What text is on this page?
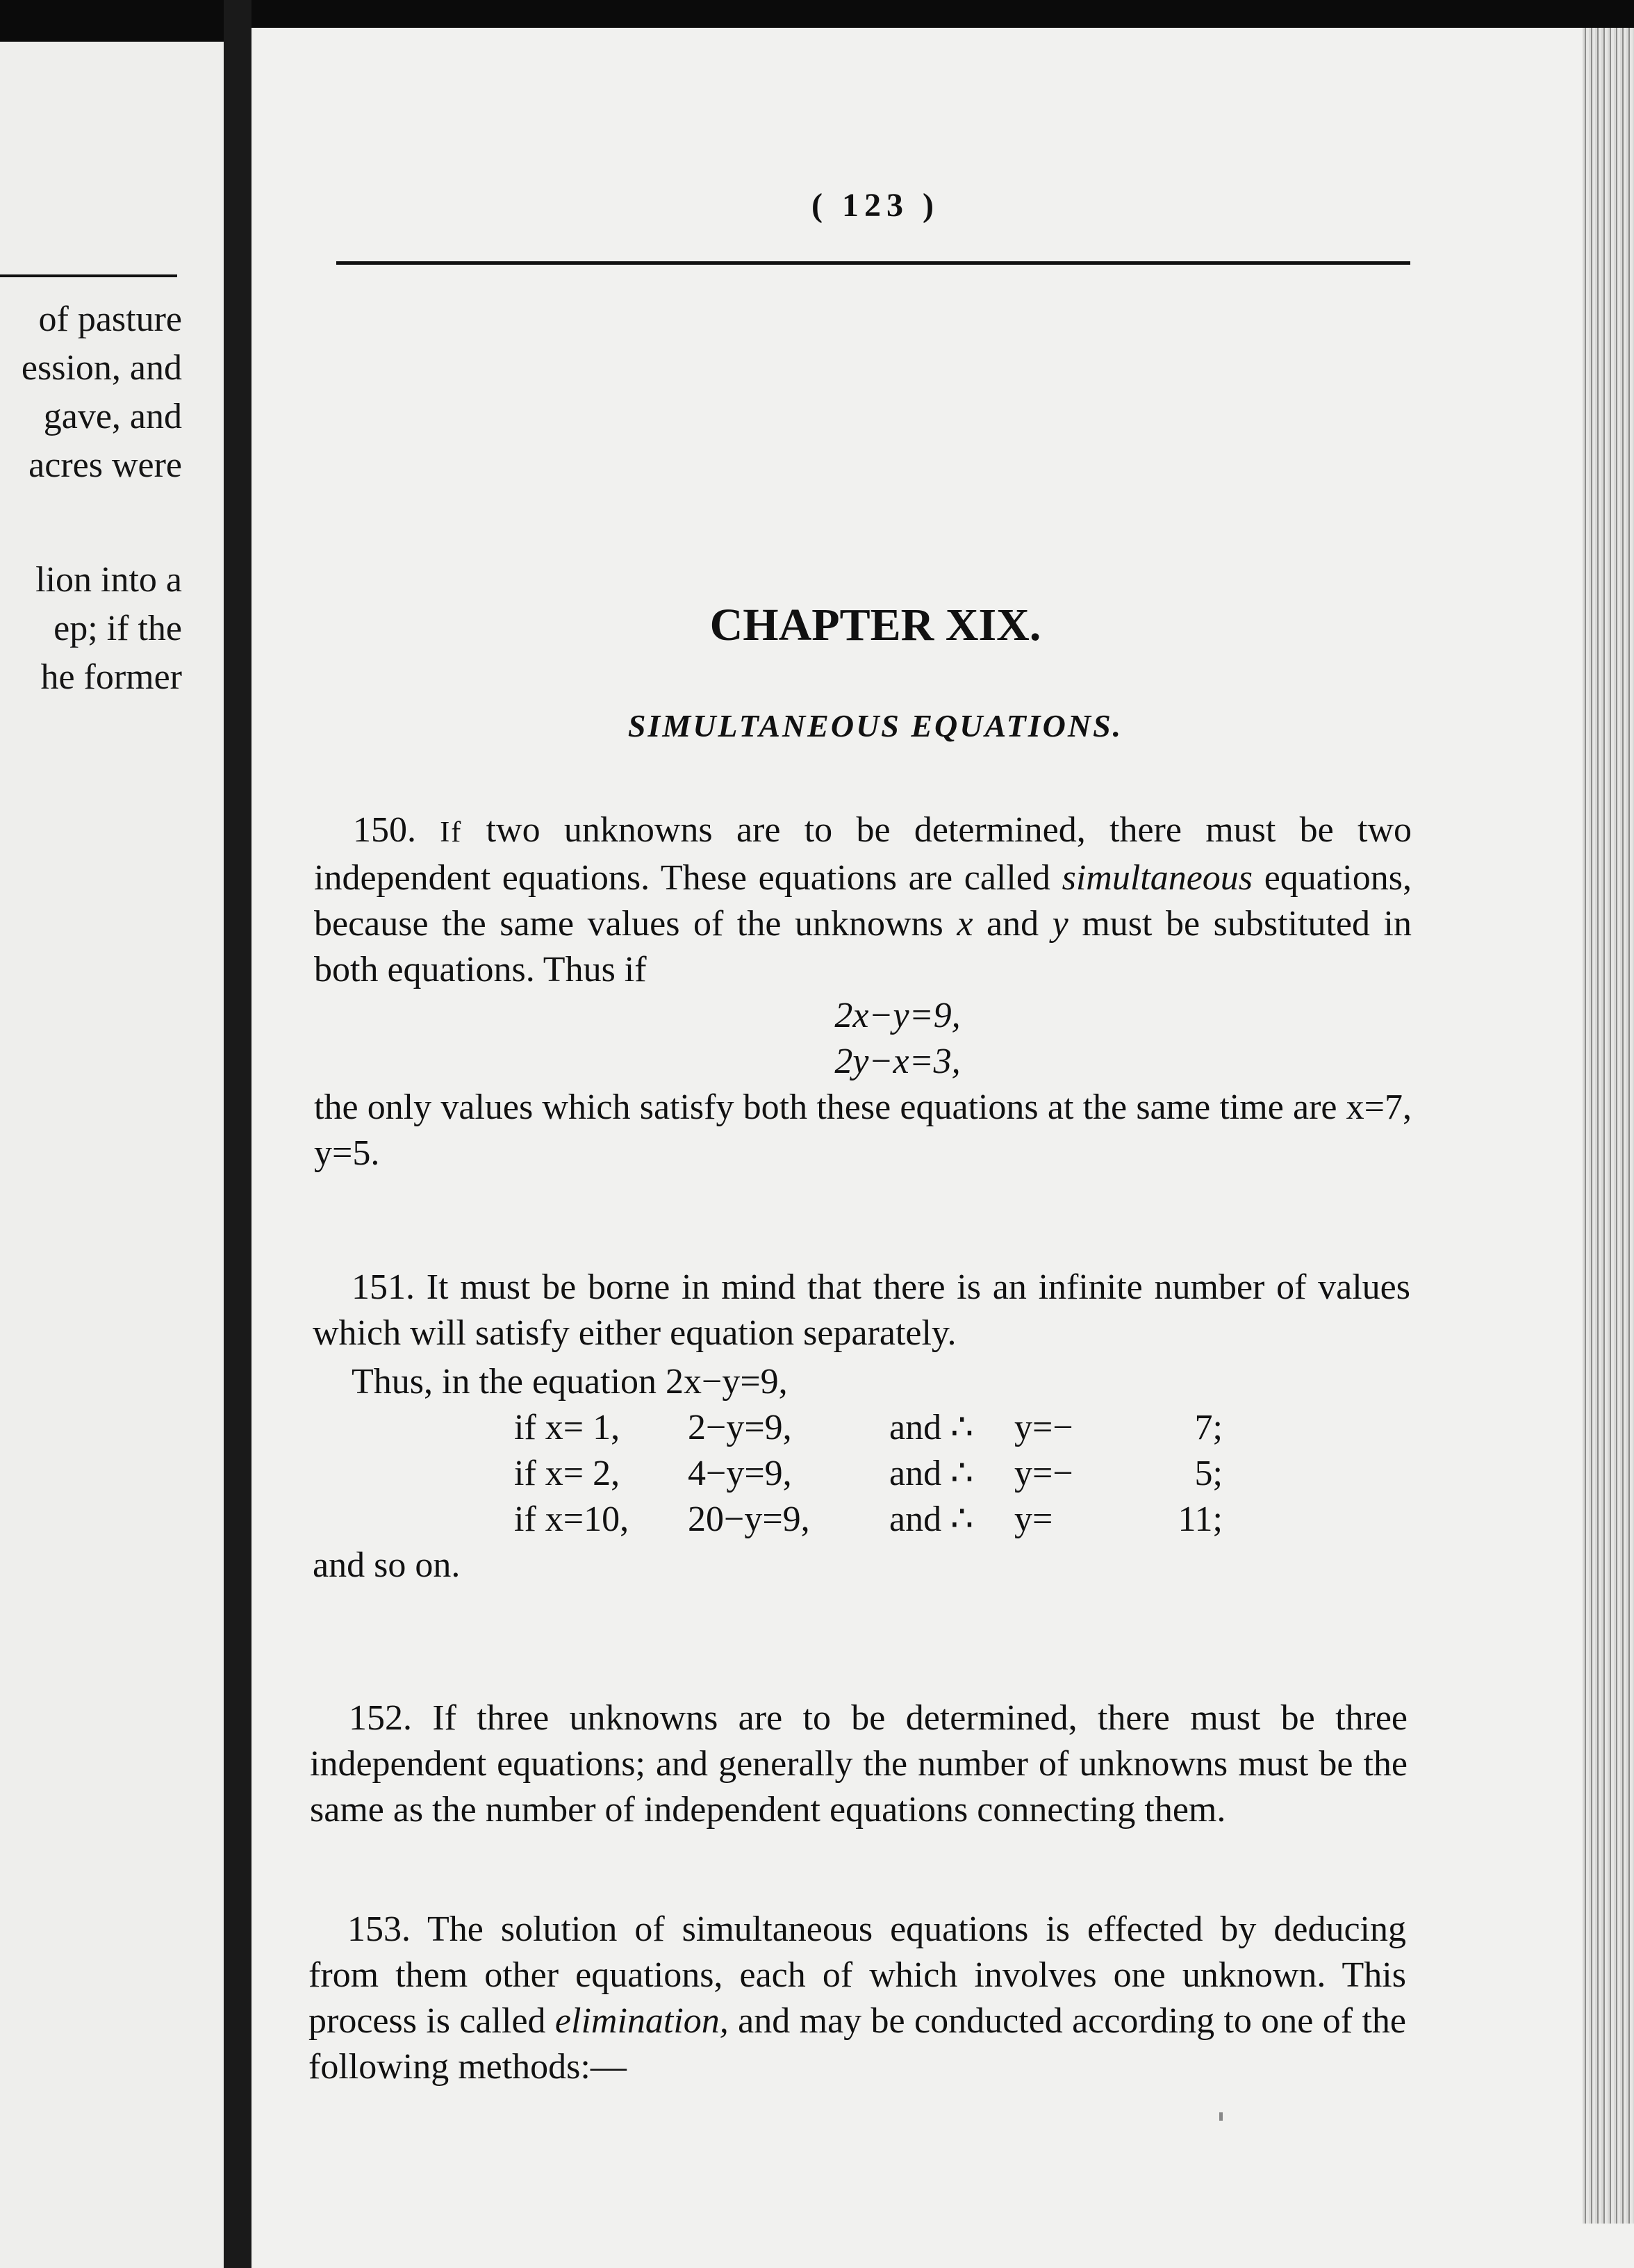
of pasture
ession, and
gave, and
acres were
lion into a
ep; if the
he former
( 123 )
CHAPTER XIX.
SIMULTANEOUS EQUATIONS.

150. If two unknowns are to be determined, there must be two independent equations. These equations are called simultaneous equations, because the same values of the unknowns x and y must be substituted in both equations. Thus if

2x−y=9,

2y−x=3,

the only values which satisfy both these equations at the same time are x=7, y=5.

151. It must be borne in mind that there is an infinite number of values which will satisfy either equation separately.

Thus, in the equation 2x−y=9,

if x= 1,	2−y=9,	and ∴	y=−	7;
if x= 2,	4−y=9,	and ∴	y=−	5;
if x=10,	20−y=9,	and ∴	y=	11;

and so on.

152. If three unknowns are to be determined, there must be three independent equations; and generally the number of unknowns must be the same as the number of independent equations connecting them.

153. The solution of simultaneous equations is effected by deducing from them other equations, each of which involves one unknown. This process is called elimination, and may be conducted according to one of the following methods:—
